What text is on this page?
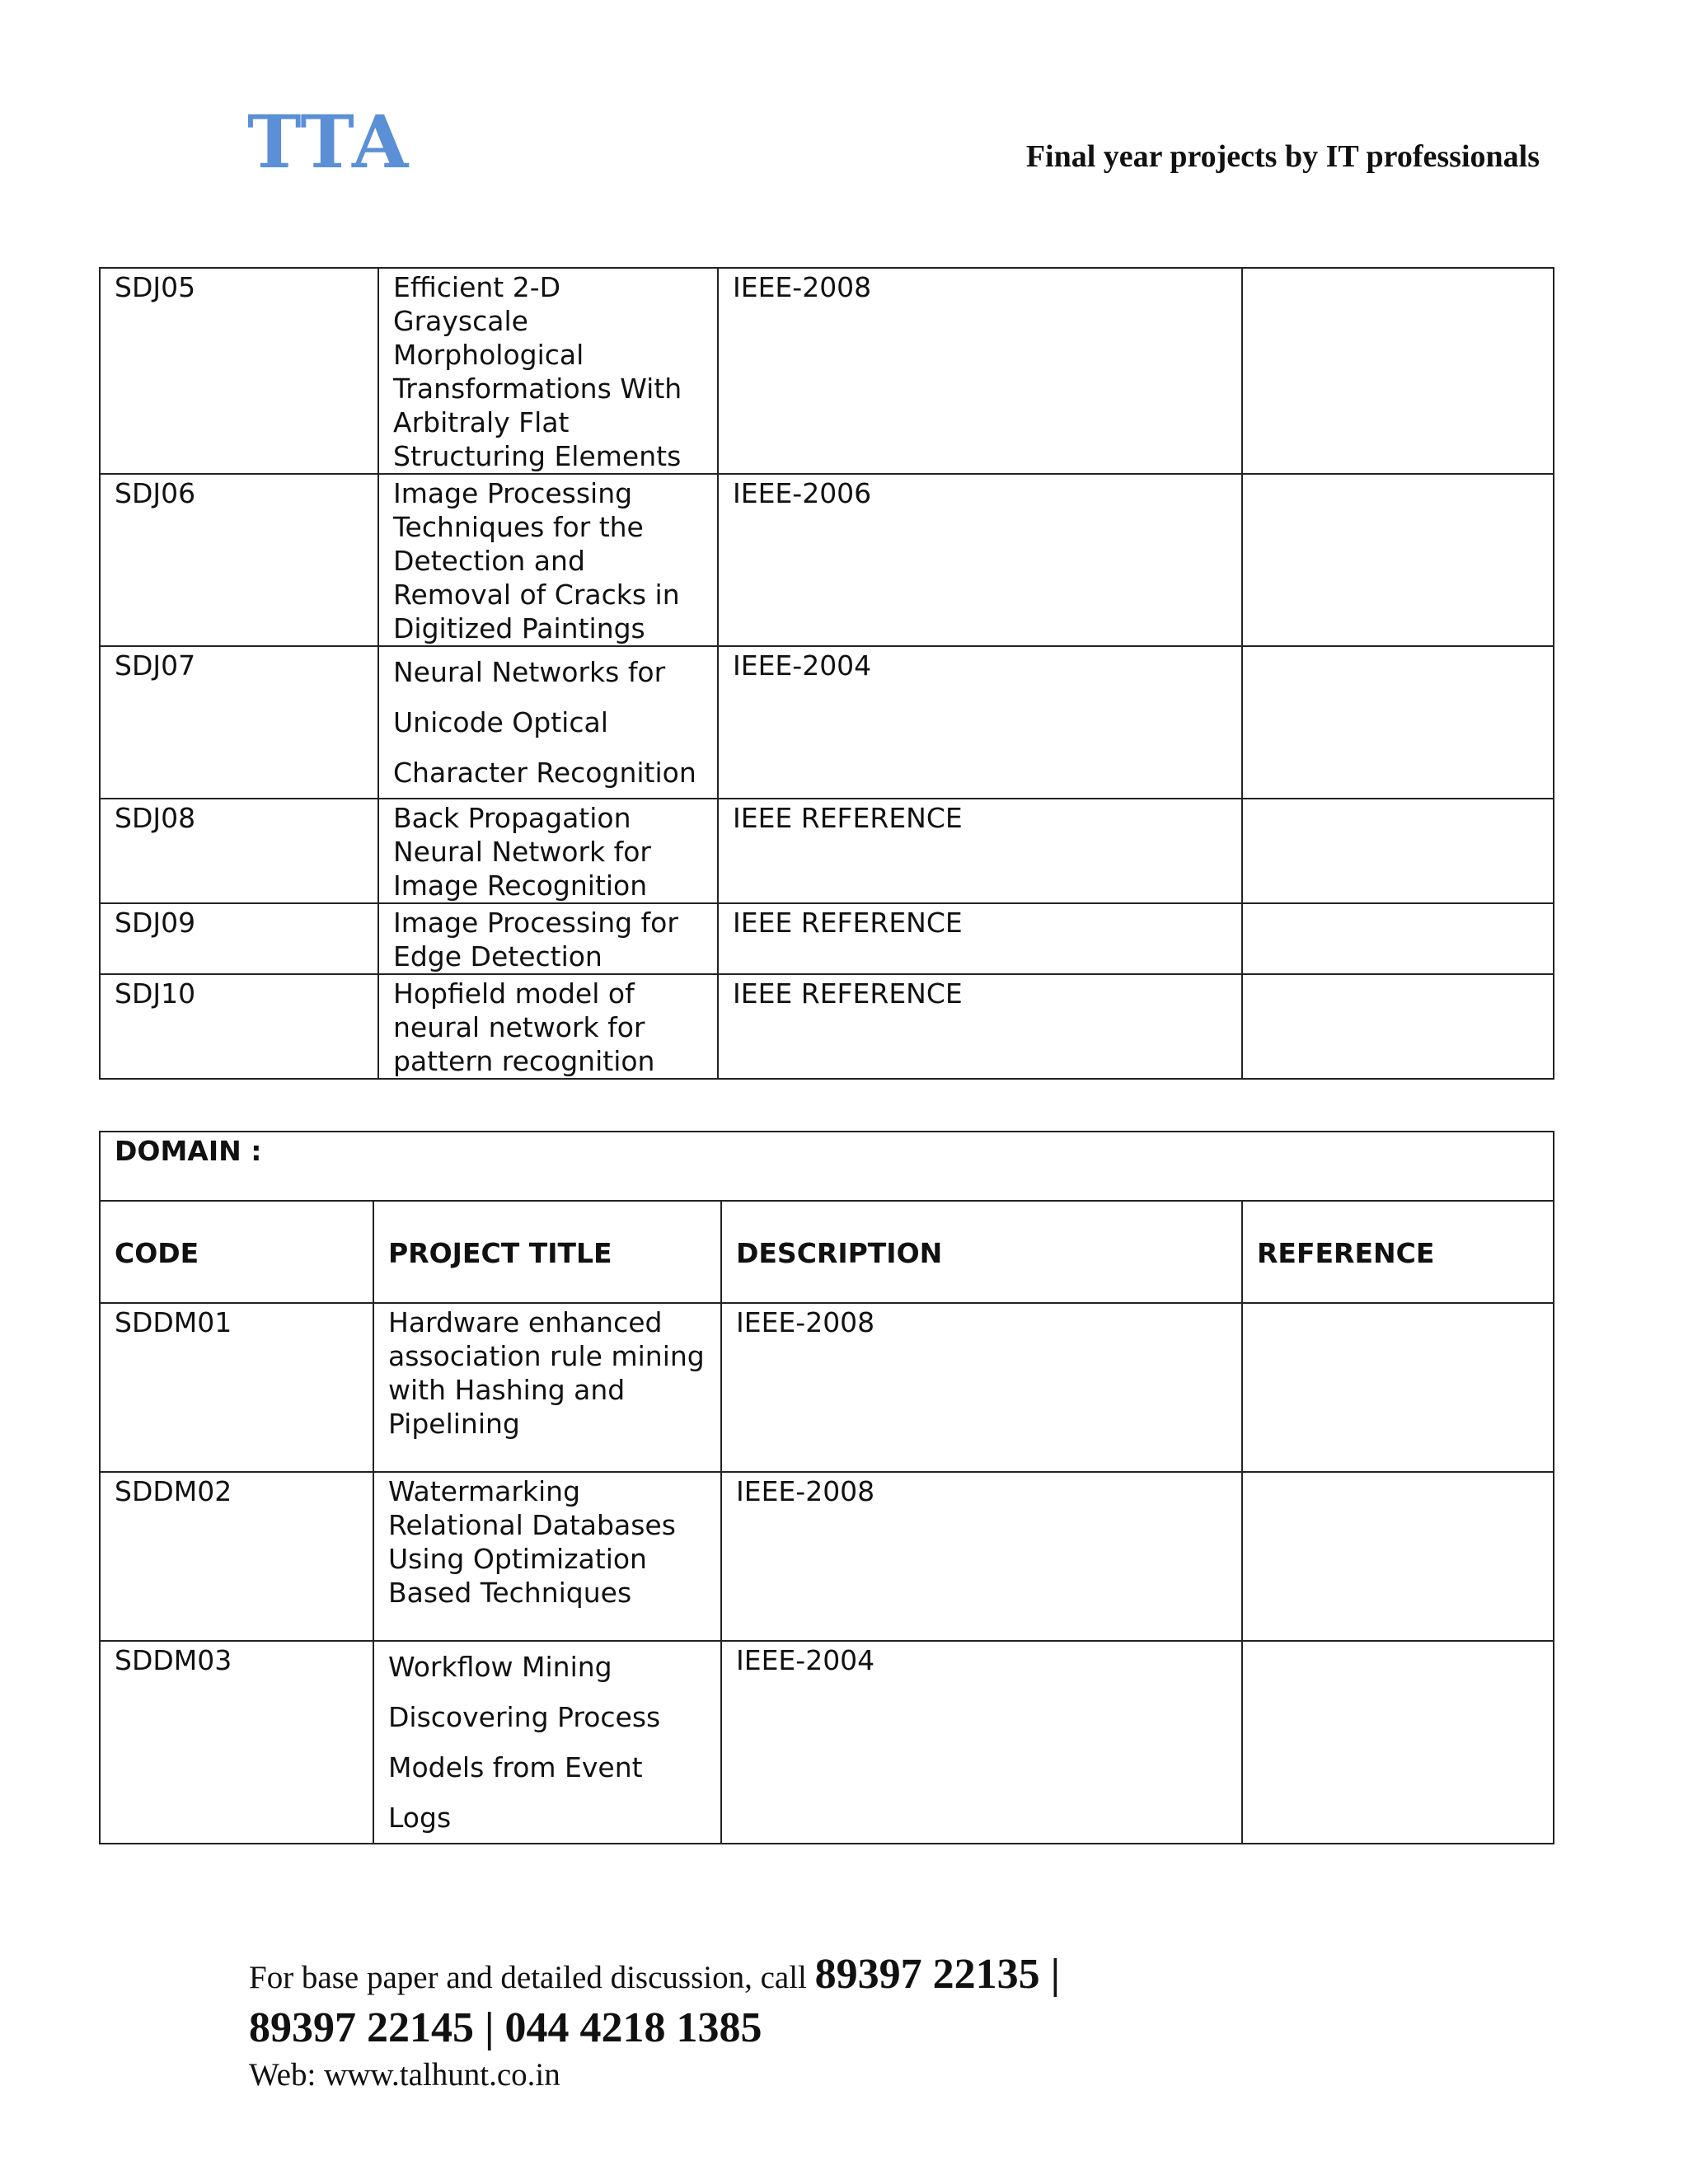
TTA	Final year projects by IT professionals
SDJ05	Efficient 2-D Grayscale Morphological Transformations With Arbitraly Flat Structuring Elements	IEEE-2008	
SDJ06	Image Processing Techniques for the Detection and Removal of Cracks in Digitized Paintings	IEEE-2006	
SDJ07	Neural Networks for Unicode Optical Character Recognition	IEEE-2004	
SDJ08	Back Propagation Neural Network for Image Recognition	IEEE REFERENCE	
SDJ09	Image Processing for Edge Detection	IEEE REFERENCE	
SDJ10	Hopfield model of neural network for pattern recognition	IEEE REFERENCE	
DOMAIN :			
CODE	PROJECT TITLE	DESCRIPTION	REFERENCE
SDDM01	Hardware enhanced association rule mining with Hashing and Pipelining	IEEE-2008	
SDDM02	Watermarking Relational Databases Using Optimization Based Techniques	IEEE-2008	
SDDM03	Workflow Mining Discovering Process Models from Event Logs	IEEE-2004	
For base paper and detailed discussion, call 89397 22135 |
89397 22145 | 044 4218 1385
Web: www.talhunt.co.in
